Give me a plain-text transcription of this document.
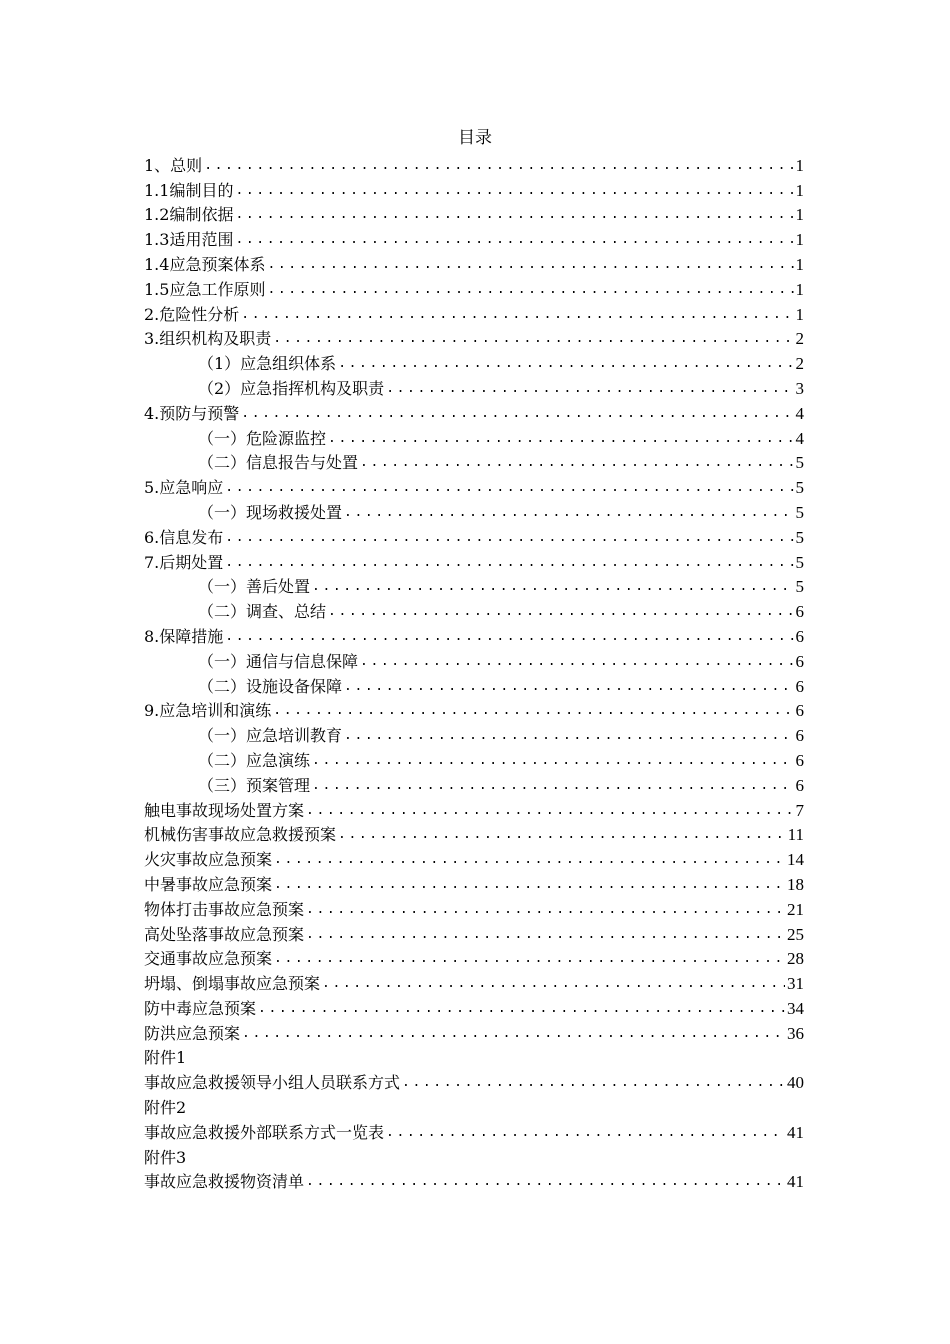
目录
1、总则 .....	1
1.1编制目的 .....	1
1.2编制依据 .....	1
1.3适用范围 .....	1
1.4应急预案体系 .....	1
1.5应急工作原则 .....	1
2.危险性分析 .....	1
3.组织机构及职责 .....	2
（1）应急组织体系 .....	2
（2）应急指挥机构及职责 .....	3
4.预防与预警 .....	4
（一）危险源监控 .....	4
（二）信息报告与处置 .....	5
5.应急响应 .....	5
（一）现场救援处置 .....	5
6.信息发布 .....	5
7.后期处置 .....	5
（一）善后处置 .....	5
（二）调查、总结 .....	6
8.保障措施 .....	6
（一）通信与信息保障 .....	6
（二）设施设备保障 .....	6
9.应急培训和演练 .....	6
（一）应急培训教育 .....	6
（二）应急演练 .....	6
（三）预案管理 .....	6
触电事故现场处置方案 .....	7
机械伤害事故应急救援预案 .....	11
火灾事故应急预案 .....	14
中暑事故应急预案 .....	18
物体打击事故应急预案 .....	21
高处坠落事故应急预案 .....	25
交通事故应急预案 .....	28
坍塌、倒塌事故应急预案 .....	31
防中毒应急预案 .....	34
防洪应急预案 .....	36
附件1
事故应急救援领导小组人员联系方式 .....	40
附件2
事故应急救援外部联系方式一览表 .....	41
附件3
事故应急救援物资清单 .....	41
